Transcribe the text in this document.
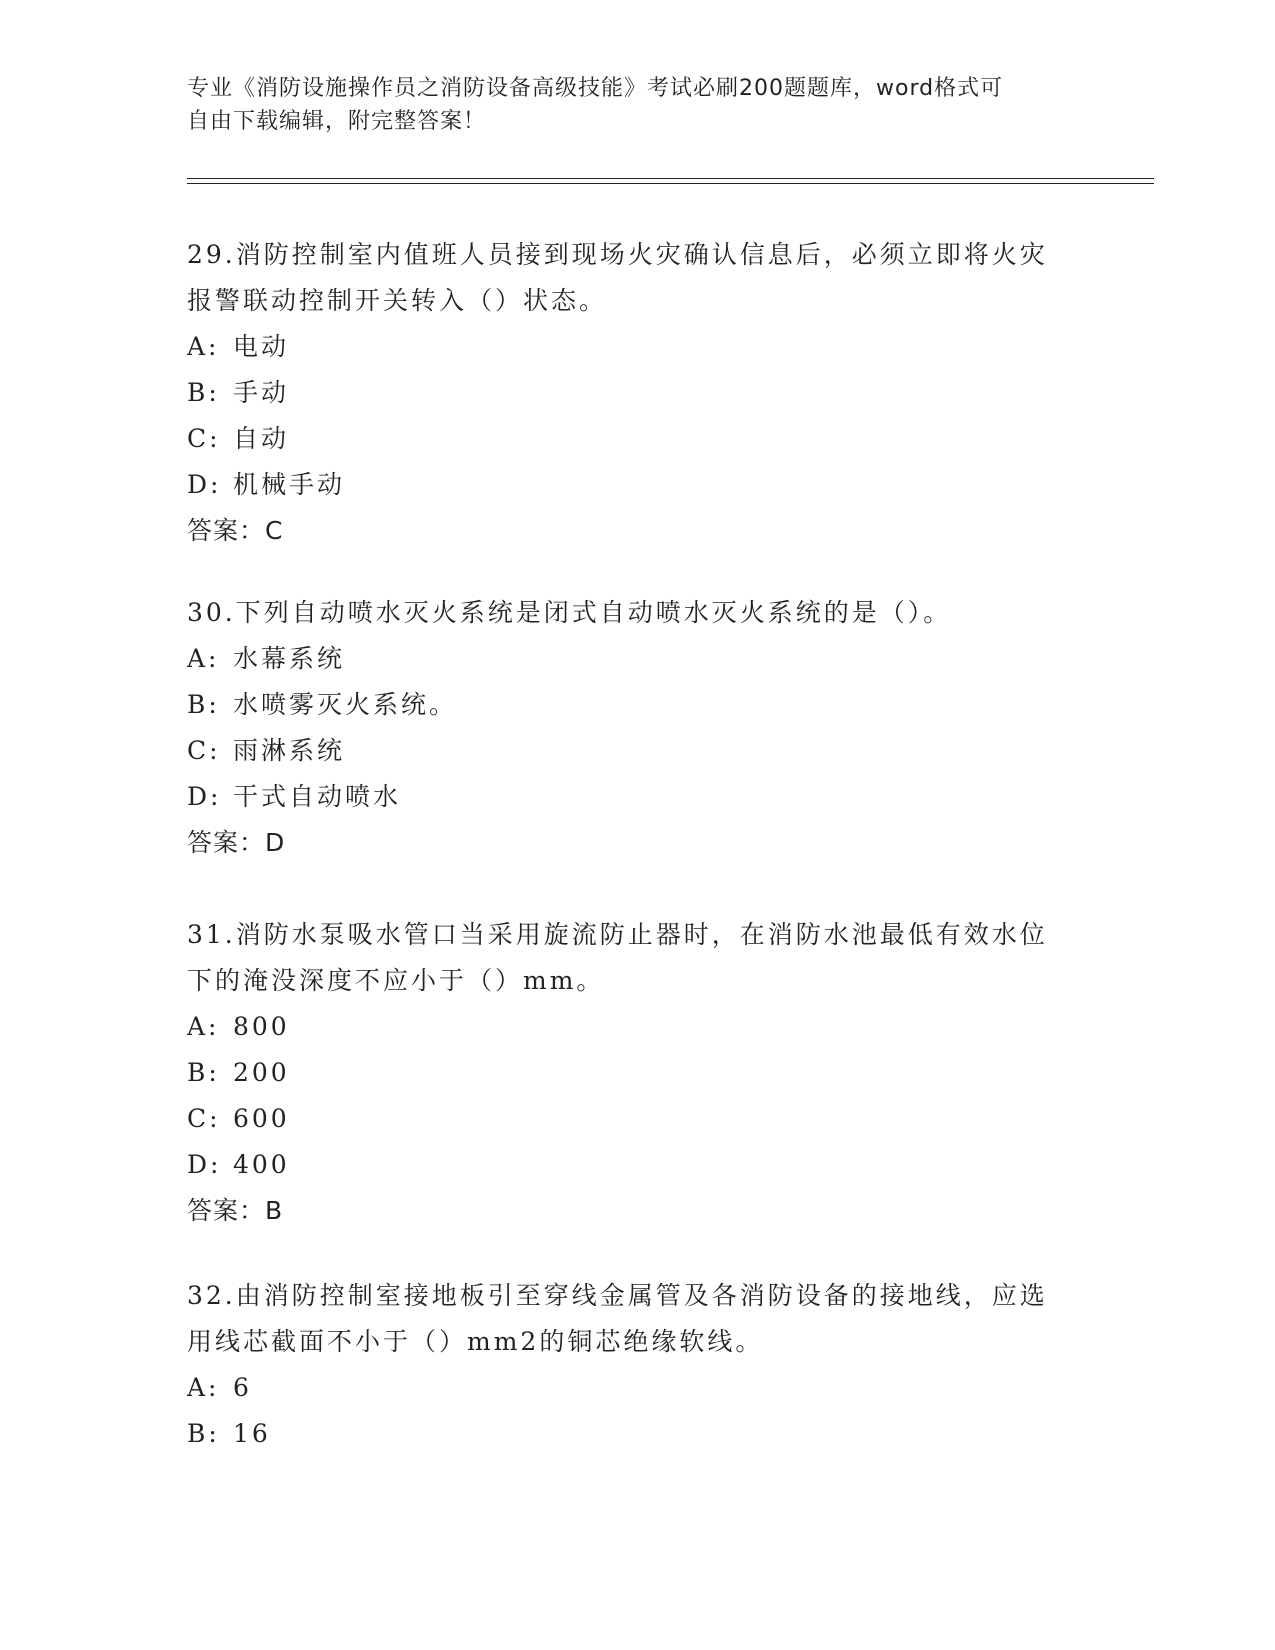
专业《消防设施操作员之消防设备高级技能》考试必刷200题题库，word格式可
自由下载编辑，附完整答案！
29.消防控制室内值班人员接到现场火灾确认信息后，必须立即将火灾
报警联动控制开关转入（）状态。
A: 电动
B: 手动
C: 自动
D: 机械手动
答案：C
30.下列自动喷水灭火系统是闭式自动喷水灭火系统的是（）。
A: 水幕系统
B: 水喷雾灭火系统。
C: 雨淋系统
D: 干式自动喷水
答案：D
31.消防水泵吸水管口当采用旋流防止器时，在消防水池最低有效水位
下的淹没深度不应小于（）mm。
A: 800
B: 200
C: 600
D: 400
答案：B
32.由消防控制室接地板引至穿线金属管及各消防设备的接地线，应选
用线芯截面不小于（）mm2的铜芯绝缘软线。
A: 6
B: 16
